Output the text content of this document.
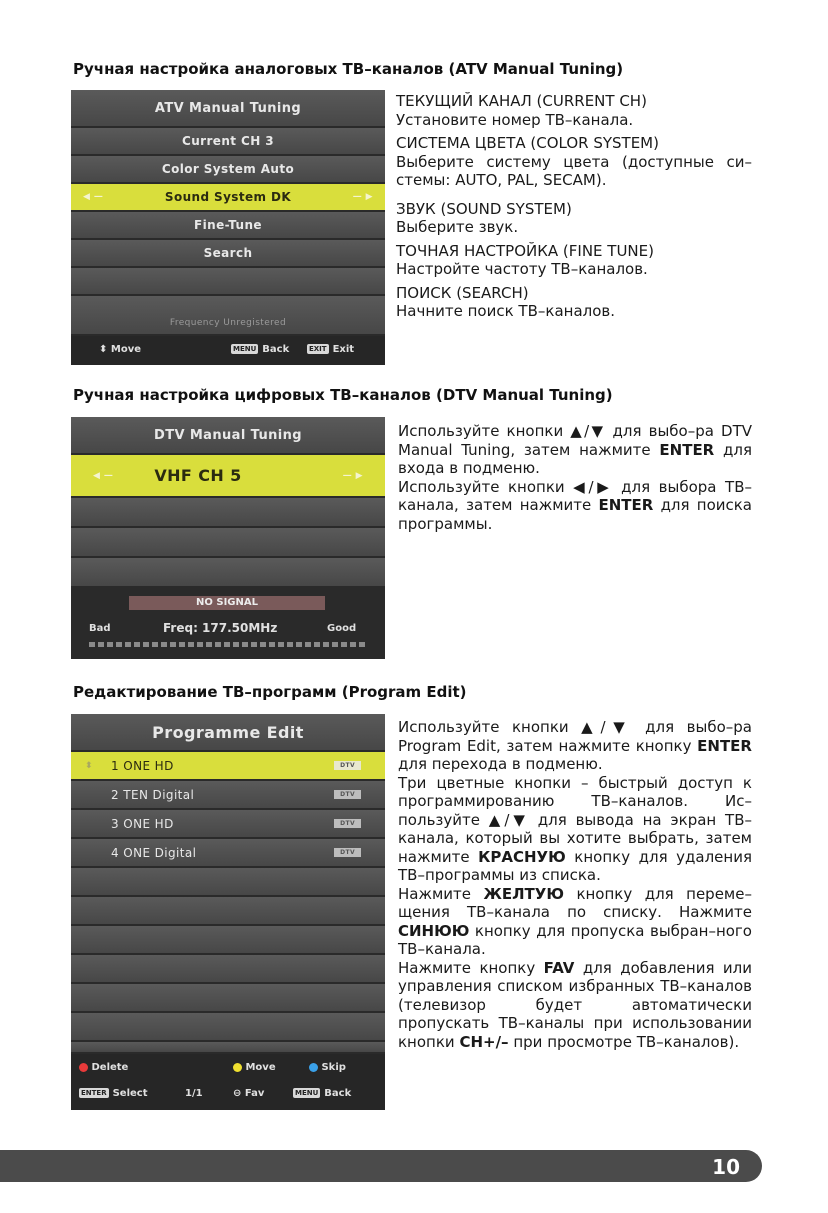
Ручная настройка аналоговых ТВ–каналов (ATV Manual Tuning)
ATV Manual Tuning
Current CH 3
Color System Auto
◀ —	Sound System DK	— ▶
Fine-Tune
Search
Frequency Unregistered
⬍ Move	MENU Back	EXIT Exit
ТЕКУЩИЙ КАНАЛ (CURRENT CH)
Установите номер ТВ–канала.
СИСТЕМА ЦВЕТА (COLOR SYSTEM)
Выберите систему цвета (доступные си–стемы: AUTO, PAL, SECAM).
ЗВУК (SOUND SYSTEM)
Выберите звук.
ТОЧНАЯ НАСТРОЙКА (FINE TUNE)
Настройте частоту ТВ–каналов.
ПОИСК (SEARCH)
Начните поиск ТВ–каналов.
Ручная настройка цифровых ТВ–каналов (DTV Manual Tuning)
DTV Manual Tuning
◀ —	VHF CH 5	— ▶
NO SIGNAL
Bad	Freq: 177.50MHz	Good

Используйте кнопки ▲/▼ для выбо–ра DTV Manual Tuning, затем нажмите ENTER для входа в подменю.

Используйте кнопки ◀/▶ для выбора ТВ–канала, затем нажмите ENTER для поиска программы.

Редактирование ТВ–программ (Program Edit)
Programme Edit
⬍ 1 ONE HD	DTV
2 TEN Digital	DTV
3 ONE HD	DTV
4 ONE Digital	DTV
Delete	Move	Skip
ENTER Select	1/1	⊖ Fav	MENU Back

Используйте кнопки ▲/▼ для выбо–ра Program Edit, затем нажмите кнопку ENTER для перехода в подменю.

Три цветные кнопки – быстрый доступ к программированию ТВ–каналов. Ис–пользуйте ▲/▼ для вывода на экран ТВ–канала, который вы хотите выбрать, затем нажмите КРАСНУЮ кнопку для удаления ТВ–программы из списка.

Нажмите ЖЕЛТУЮ кнопку для переме–щения ТВ–канала по списку. Нажмите СИНЮЮ кнопку для пропуска выбран–ного ТВ–канала.

Нажмите кнопку FAV для добавления или управления списком избранных ТВ–каналов (телевизор будет автоматически пропускать ТВ–каналы при использовании кнопки CH+/– при просмотре ТВ–каналов).

10
